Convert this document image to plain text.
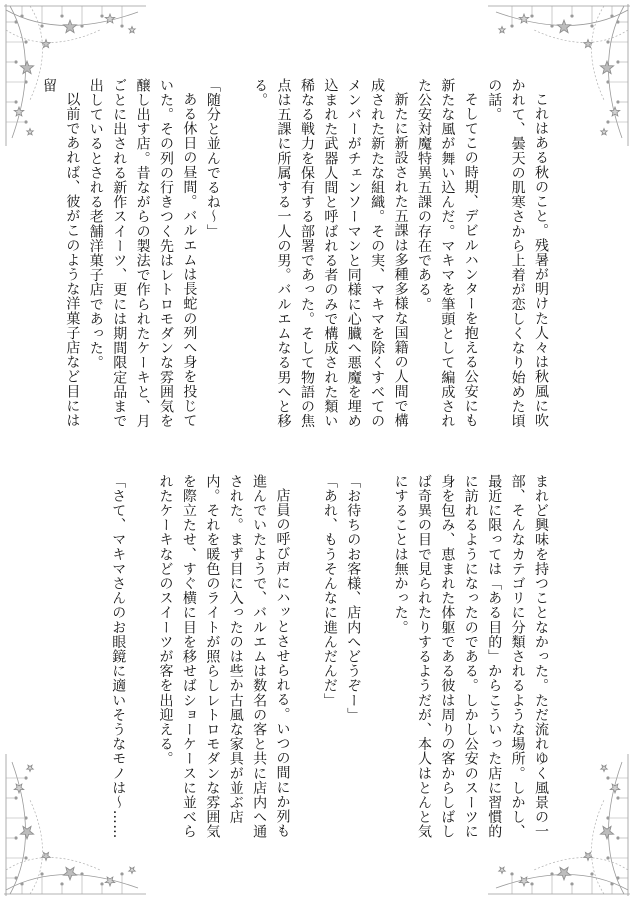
これはある秋のこと。残暑が明けた人々は秋風に吹かれて、曇天の肌寒さから上着が恋しくなり始めた頃の話。

そしてこの時期、デビルハンターを抱える公安にも新たな風が舞い込んだ。マキマを筆頭として編成された公安対魔特異五課の存在である。

新たに新設された五課は多種多様な国籍の人間で構成された新たな組織。その実、マキマを除くすべてのメンバーがチェンソーマンと同様に心臓へ悪魔を埋め込まれた武器人間と呼ばれる者のみで構成された類い稀なる戦力を保有する部署であった。そして物語の焦点は五課に所属する一人の男。バルエムなる男へと移る。

「随分と並んでるね〜」

ある休日の昼間。バルエムは長蛇の列へ身を投じていた。その列の行きつく先はレトロモダンな雰囲気を醸し出す店。昔ながらの製法で作られたケーキと、月ごとに出される新作スイーツ、更には期間限定品まで出しているとされる老舗洋菓子店であった。

以前であれば、彼がこのような洋菓子店など目には留

まれど興味を持つことなかった。ただ流れゆく風景の一部、そんなカテゴリに分類されるような場所。しかし、最近に限っては「ある目的」からこういった店に習慣的に訪れるようになったのである。しかし公安のスーツに身を包み、恵まれた体躯である彼は周りの客からしばしば奇異の目で見られたりするようだが、本人はとんと気にすることは無かった。

「お待ちのお客様、店内へどうぞー」

「あれ、もうそんなに進んだんだ」

店員の呼び声にハッとさせられる。いつの間にか列も進んでいたようで、バルエムは数名の客と共に店内へ通された。まず目に入ったのは些か古風な家具が並ぶ店内。それを暖色のライトが照らしレトロモダンな雰囲気を際立たせ、すぐ横に目を移せばショーケースに並べられたケーキなどのスイーツが客を出迎える。

「さて、マキマさんのお眼鏡に適いそうなモノは〜……
